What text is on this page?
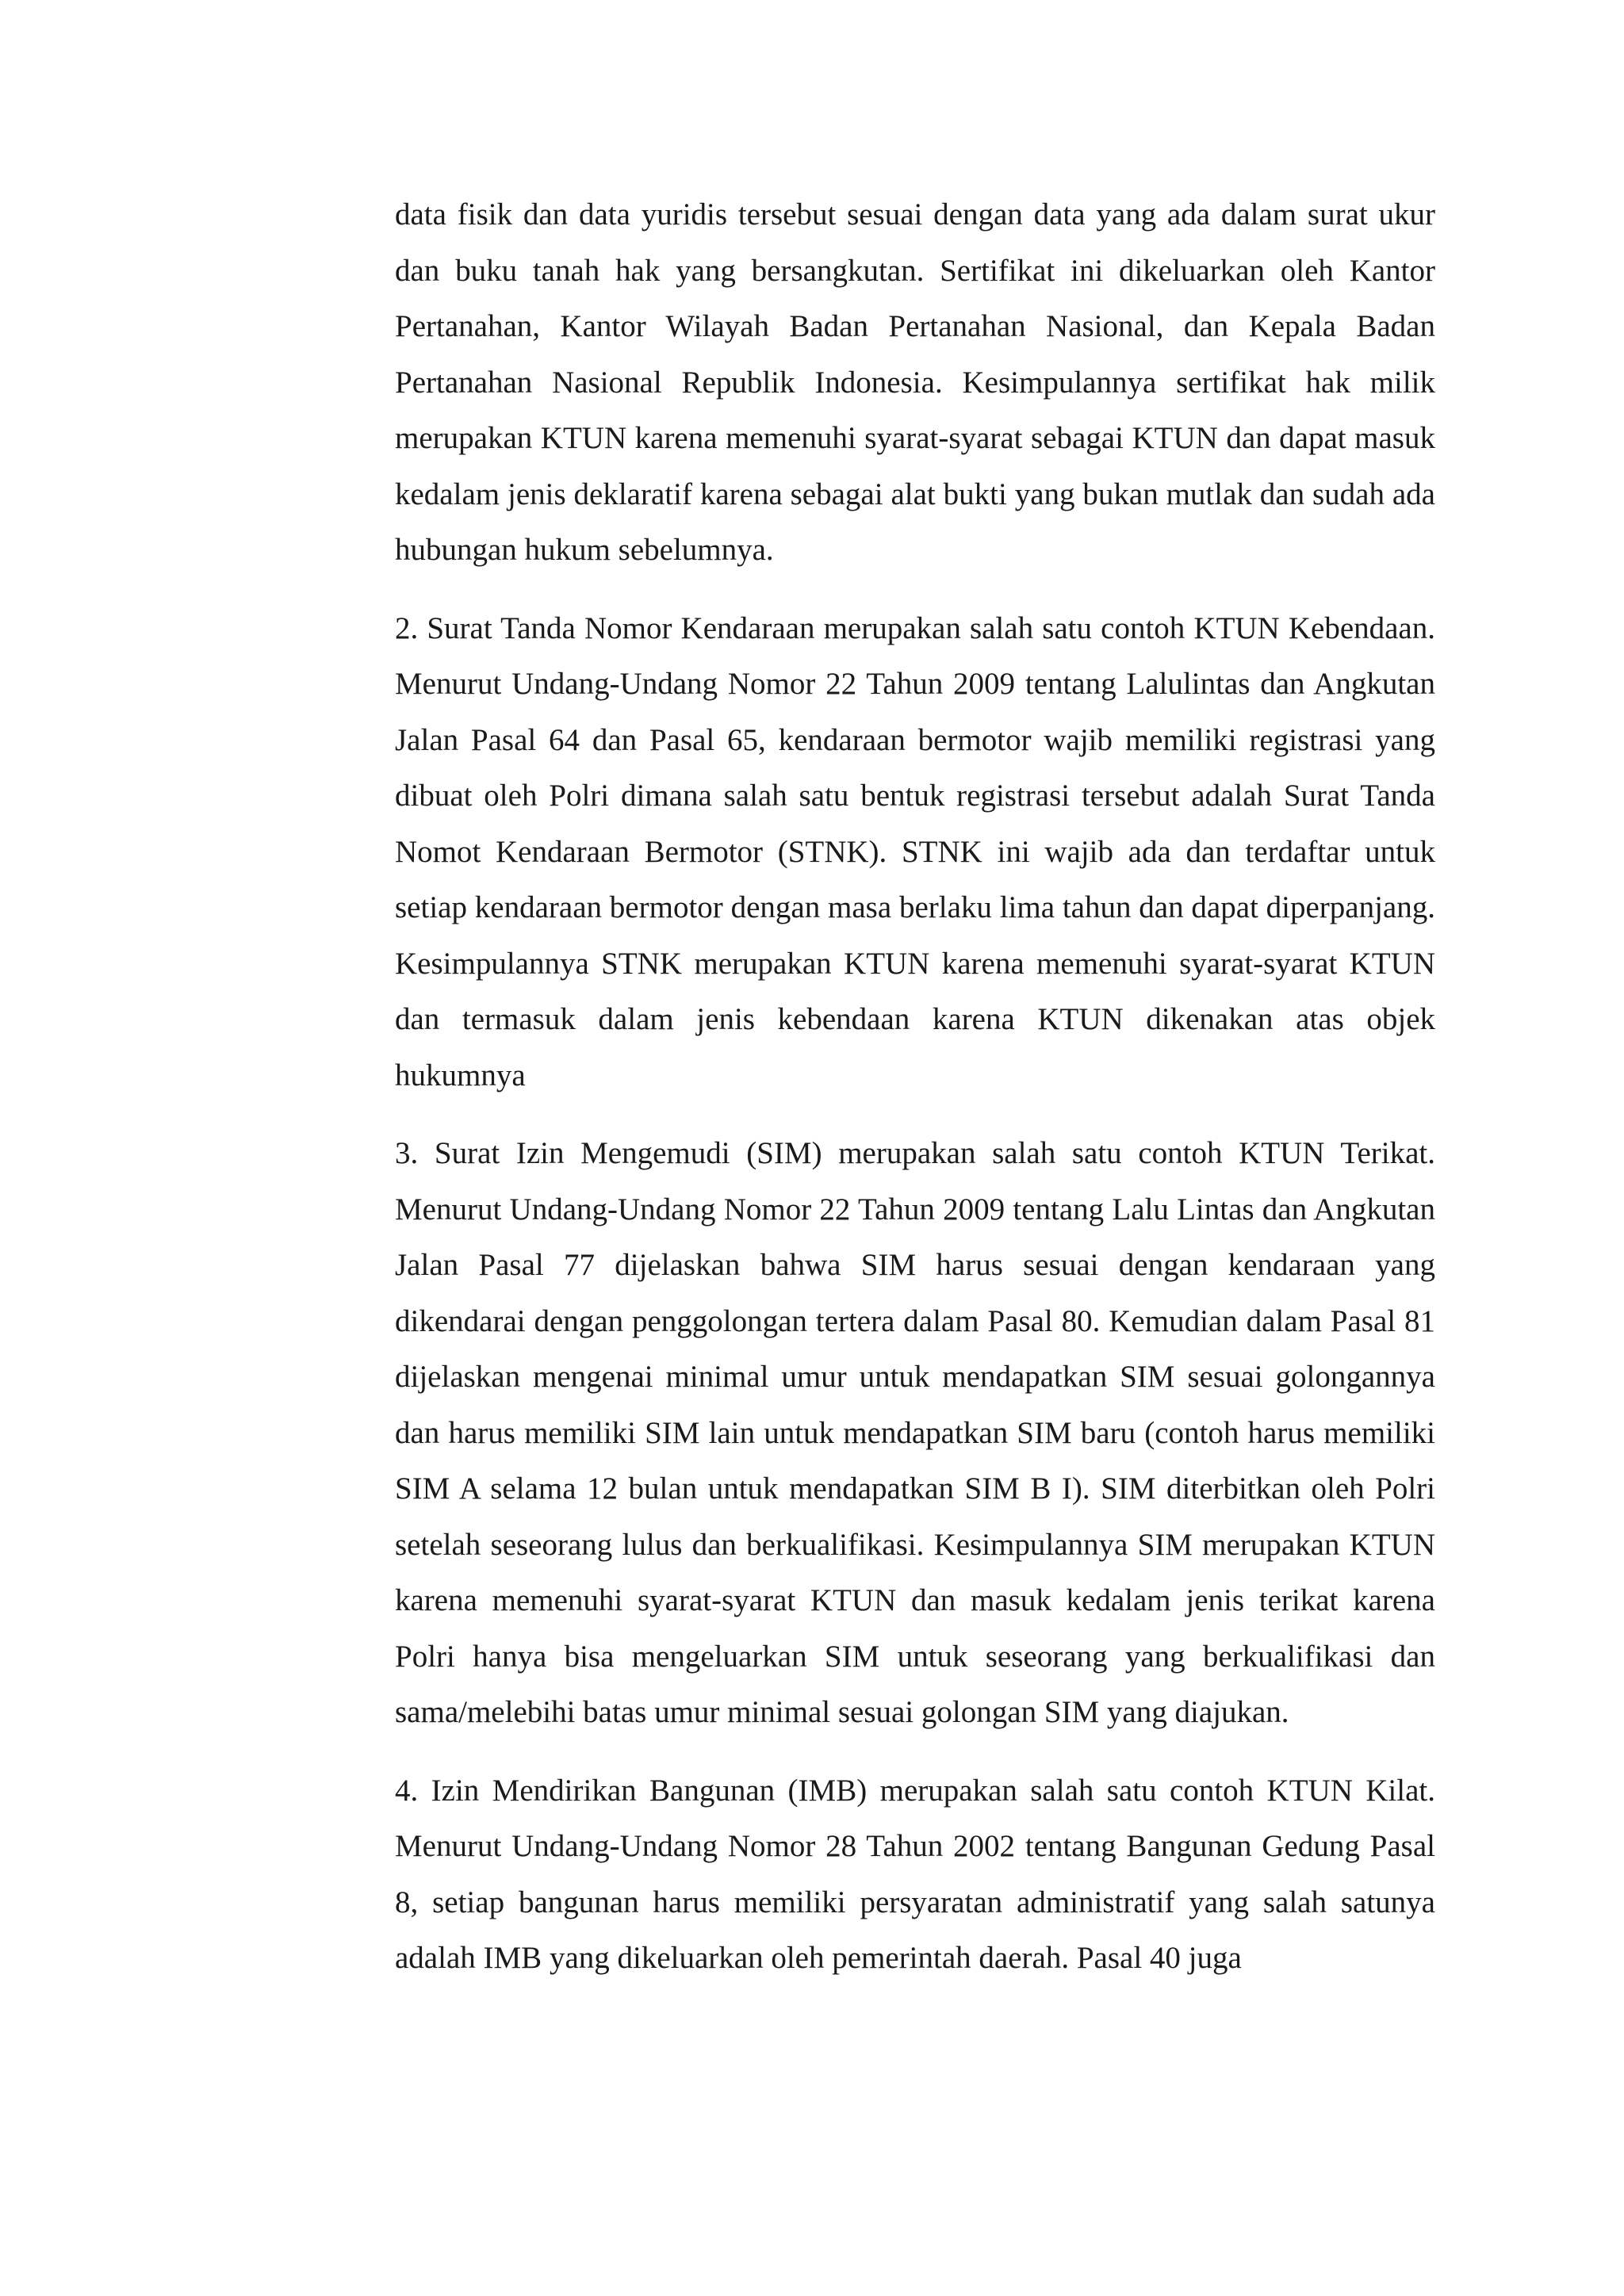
data fisik dan data yuridis tersebut sesuai dengan data yang ada dalam surat ukur dan buku tanah hak yang bersangkutan. Sertifikat ini dikeluarkan oleh Kantor Pertanahan, Kantor Wilayah Badan Pertanahan Nasional, dan Kepala Badan Pertanahan Nasional Republik Indonesia. Kesimpulannya sertifikat hak milik merupakan KTUN karena memenuhi syarat-syarat sebagai KTUN dan dapat masuk kedalam jenis deklaratif karena sebagai alat bukti yang bukan mutlak dan sudah ada hubungan hukum sebelumnya.

2. Surat Tanda Nomor Kendaraan merupakan salah satu contoh KTUN Kebendaan. Menurut Undang-Undang Nomor 22 Tahun 2009 tentang Lalulintas dan Angkutan Jalan Pasal 64 dan Pasal 65, kendaraan bermotor wajib memiliki registrasi yang dibuat oleh Polri dimana salah satu bentuk registrasi tersebut adalah Surat Tanda Nomot Kendaraan Bermotor (STNK). STNK ini wajib ada dan terdaftar untuk setiap kendaraan bermotor dengan masa berlaku lima tahun dan dapat diperpanjang. Kesimpulannya STNK merupakan KTUN karena memenuhi syarat-syarat KTUN dan termasuk dalam jenis kebendaan karena KTUN dikenakan atas objek hukumnya

3. Surat Izin Mengemudi (SIM) merupakan salah satu contoh KTUN Terikat. Menurut Undang-Undang Nomor 22 Tahun 2009 tentang Lalu Lintas dan Angkutan Jalan Pasal 77 dijelaskan bahwa SIM harus sesuai dengan kendaraan yang dikendarai dengan penggolongan tertera dalam Pasal 80. Kemudian dalam Pasal 81 dijelaskan mengenai minimal umur untuk mendapatkan SIM sesuai golongannya dan harus memiliki SIM lain untuk mendapatkan SIM baru (contoh harus memiliki SIM A selama 12 bulan untuk mendapatkan SIM B I). SIM diterbitkan oleh Polri setelah seseorang lulus dan berkualifikasi. Kesimpulannya SIM merupakan KTUN karena memenuhi syarat-syarat KTUN dan masuk kedalam jenis terikat karena Polri hanya bisa mengeluarkan SIM untuk seseorang yang berkualifikasi dan sama/melebihi batas umur minimal sesuai golongan SIM yang diajukan.

4. Izin Mendirikan Bangunan (IMB) merupakan salah satu contoh KTUN Kilat. Menurut Undang-Undang Nomor 28 Tahun 2002 tentang Bangunan Gedung Pasal 8, setiap bangunan harus memiliki persyaratan administratif yang salah satunya adalah IMB yang dikeluarkan oleh pemerintah daerah. Pasal 40 juga
